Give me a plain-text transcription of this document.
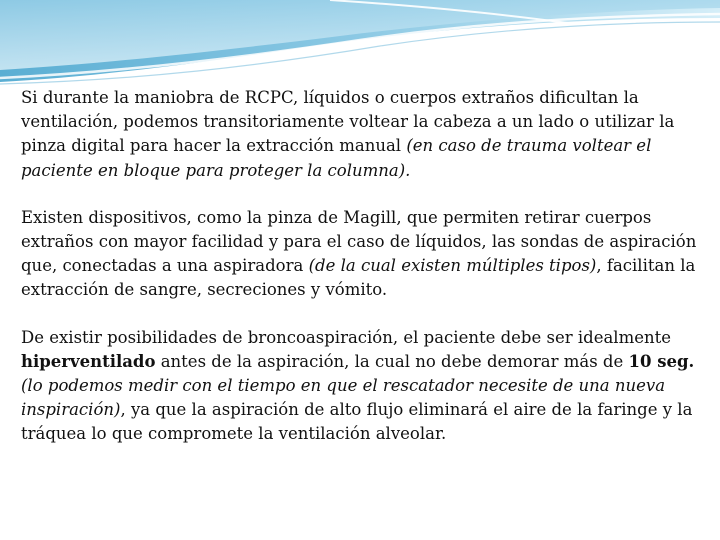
Si durante la maniobra de RCPC, líquidos o cuerpos extraños dificultan la ventilación, podemos transitoriamente voltear la cabeza a un lado o utilizar la pinza digital para hacer la extracción manual (en caso de trauma voltear el paciente en bloque para proteger la columna).

Existen dispositivos, como la pinza de Magill, que permiten retirar cuerpos extraños con mayor facilidad y para el caso de líquidos, las sondas de aspiración que, conectadas a una aspiradora (de la cual existen múltiples tipos), facilitan la extracción de sangre, secreciones y vómito.

De existir posibilidades de broncoaspiración, el paciente debe ser idealmente hiperventilado antes de la aspiración, la cual no debe demorar más de 10 seg. (lo podemos medir con el tiempo en que el rescatador necesite de una nueva inspiración), ya que la aspiración de alto flujo eliminará el aire de la faringe y la tráquea lo que compromete la ventilación alveolar.
